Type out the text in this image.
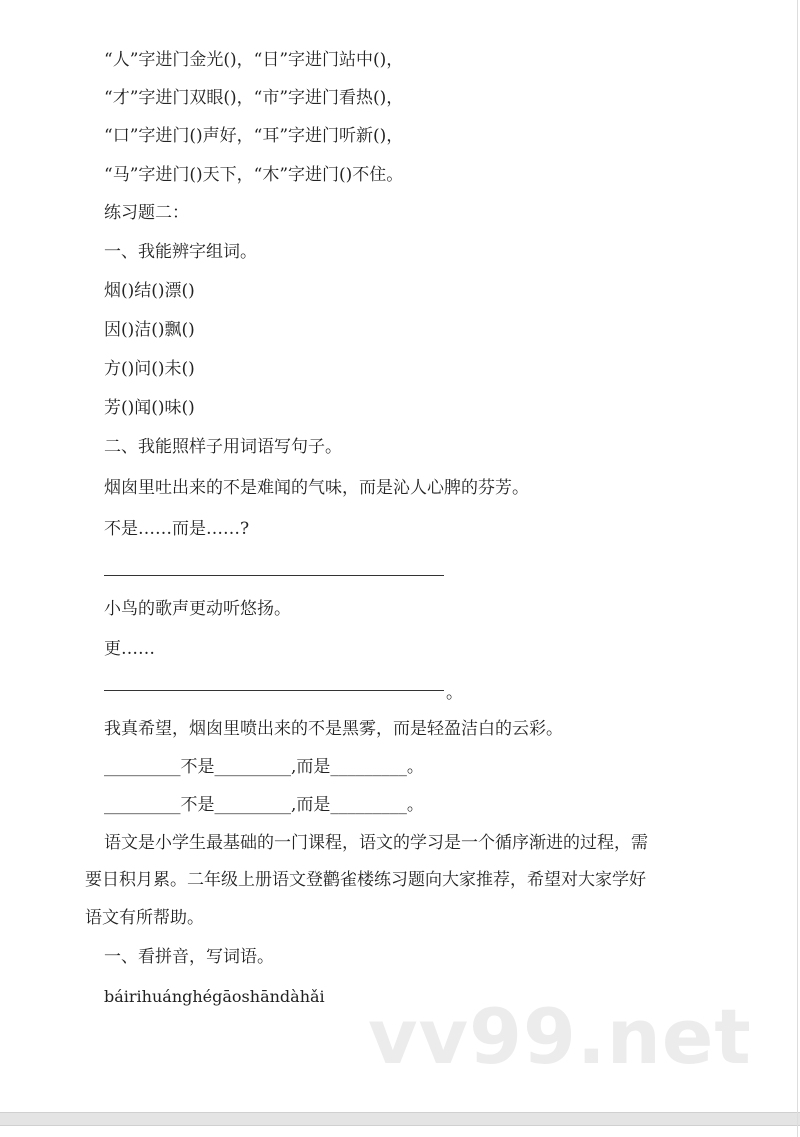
“人”字进门金光()，“日”字进门站中()，
“才”字进门双眼()，“市”字进门看热()，
“口”字进门()声好，“耳”字进门听新()，
“马”字进门()天下，“木”字进门()不住。
练习题二：
一、我能辨字组词。
烟()结()漂()
因()洁()飘()
方()问()未()
芳()闻()味()
二、我能照样子用词语写句子。
烟囱里吐出来的不是难闻的气味，而是沁人心脾的芬芳。
不是……而是……?
小鸟的歌声更动听悠扬。
更……
。
我真希望，烟囱里喷出来的不是黑雾，而是轻盈洁白的云彩。
_________不是_________,而是_________。
_________不是_________,而是_________。
语文是小学生最基础的一门课程，语文的学习是一个循序渐进的过程，需
要日积月累。二年级上册语文登鹳雀楼练习题向大家推荐，希望对大家学好
语文有所帮助。
一、看拼音，写词语。
báirihuánghégāoshāndàhǎi vv99.net
